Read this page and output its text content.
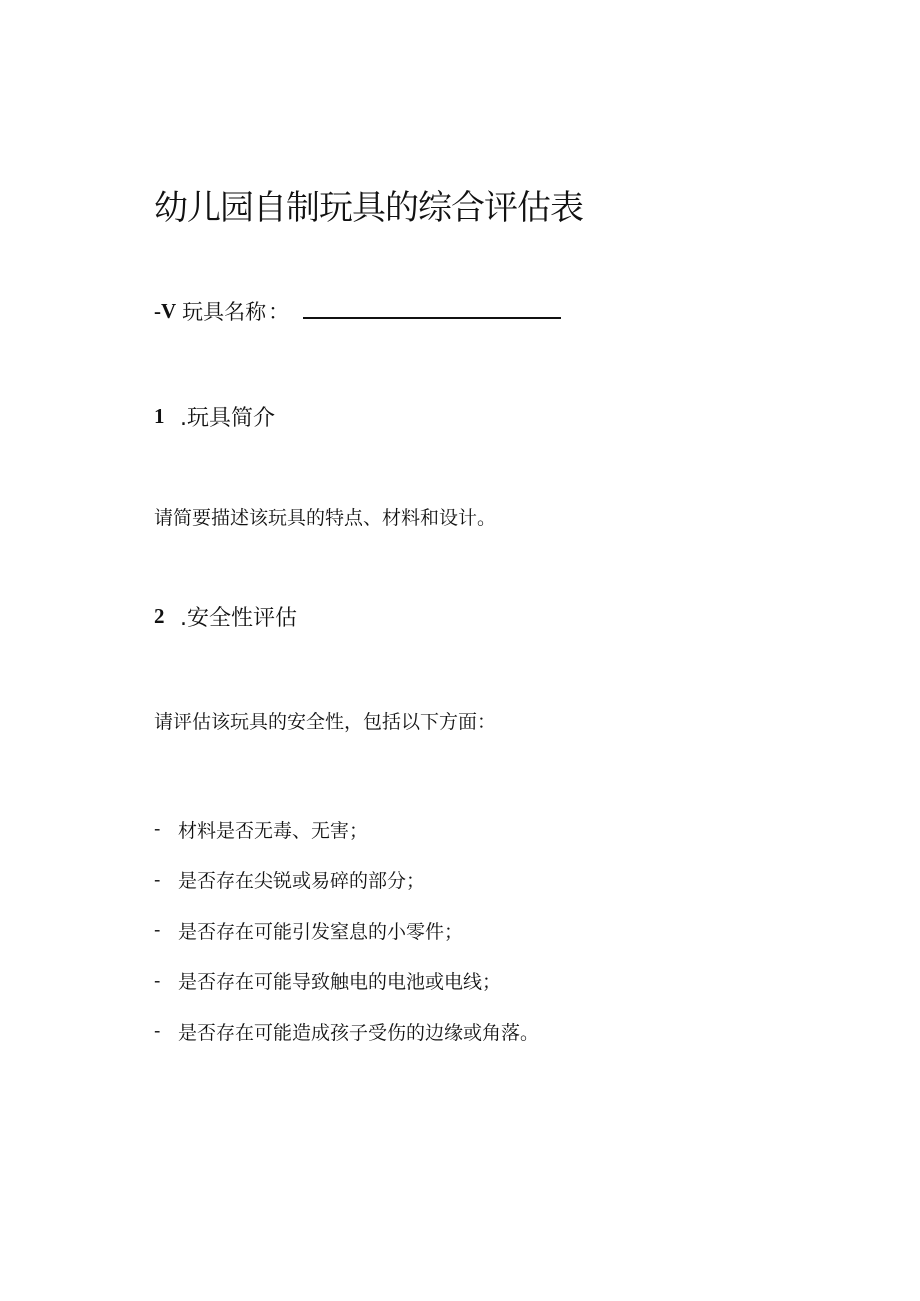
幼儿园自制玩具的综合评估表
-V 玩具名称 ：
1 .玩具简介

请简要描述该玩具的特点、材料和设计。

2 .安全性评估

请评估该玩具的安全性，包括以下方面：

- 材料是否无毒、无害；
- 是否存在尖锐或易碎的部分；
- 是否存在可能引发窒息的小零件；
- 是否存在可能导致触电的电池或电线；
- 是否存在可能造成孩子受伤的边缘或角落。
